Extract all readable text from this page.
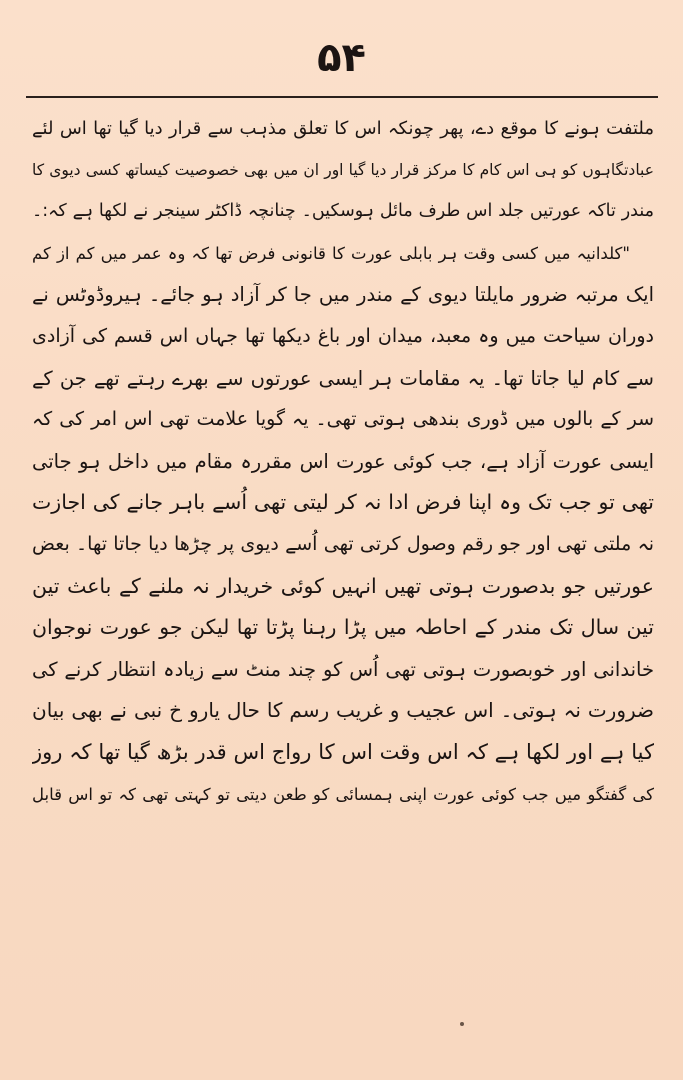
۵۴
ملتفت ہونے کا موقع دے، پھر چونکہ اس کا تعلق مذہب سے قرار دیا گیا تھا اس لئے
عبادتگاہوں کو ہی اس کام کا مرکز قرار دیا گیا اور ان میں بھی خصوصیت کیساتھ کسی دیوی کا
مندر تاکہ عورتیں جلد اس طرف مائل ہوسکیں۔ چنانچہ ڈاکٹر سینجر نے لکھا ہے کہ:۔
"کلدانیہ میں کسی وقت ہر بابلی عورت کا قانونی فرض تھا کہ وہ عمر میں کم از کم
ایک مرتبہ ضرور مایلتا دیوی کے مندر میں جا کر آزاد ہو جائے۔ ہیروڈوٹس نے
دوران سیاحت میں وہ معبد، میدان اور باغ دیکھا تھا جہاں اس قسم کی آزادی
سے کام لیا جاتا تھا۔ یہ مقامات ہر ایسی عورتوں سے بھرے رہتے تھے جن کے
سر کے بالوں میں ڈوری بندھی ہوتی تھی۔ یہ گویا علامت تھی اس امر کی کہ
ایسی عورت آزاد ہے، جب کوئی عورت اس مقررہ مقام میں داخل ہو جاتی
تھی تو جب تک وہ اپنا فرض ادا نہ کر لیتی تھی اُسے باہر جانے کی اجازت
نہ ملتی تھی اور جو رقم وصول کرتی تھی اُسے دیوی پر چڑھا دیا جاتا تھا۔ بعض
عورتیں جو بدصورت ہوتی تھیں انہیں کوئی خریدار نہ ملنے کے باعث تین
تین سال تک مندر کے احاطہ میں پڑا رہنا پڑتا تھا لیکن جو عورت نوجوان
خاندانی اور خوبصورت ہوتی تھی اُس کو چند منٹ سے زیادہ انتظار کرنے کی
ضرورت نہ ہوتی۔ اس عجیب و غریب رسم کا حال یارو خ نبی نے بھی بیان
کیا ہے اور لکھا ہے کہ اس وقت اس کا رواج اس قدر بڑھ گیا تھا کہ روز
کی گفتگو میں جب کوئی عورت اپنی ہمسائی کو طعن دیتی تو کہتی تھی کہ تو اس قابل
